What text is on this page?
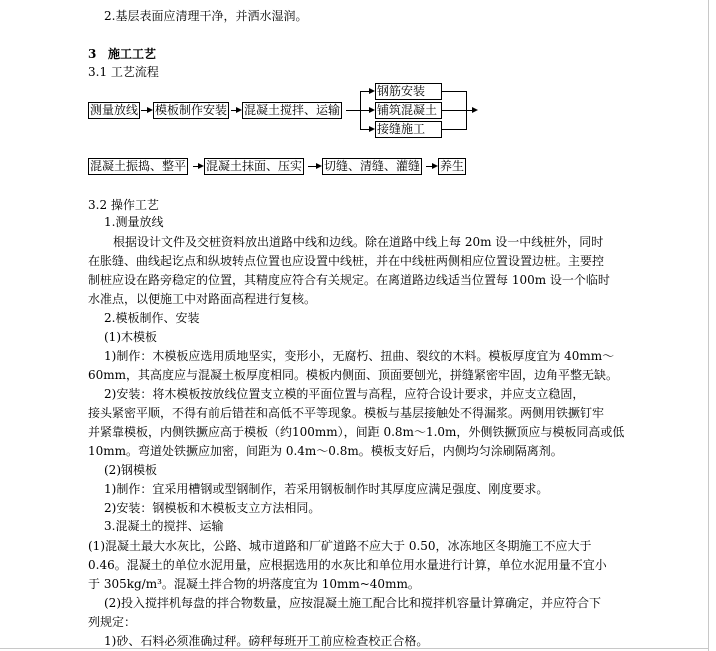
2.基层表面应清理干净，并洒水湿润。
3 施工工艺
3.1 工艺流程
测量放线 模板制作安装 混凝土搅拌、运输
钢筋安装
铺筑混凝土
接缝施工
混凝土振捣、整平 混凝土抹面、压实 切缝、清缝、灌缝 养生
3.2 操作工艺
1.测量放线
根据设计文件及交桩资料放出道路中线和边线。除在道路中线上每 20m 设一中线桩外，同时
在胀缝、曲线起讫点和纵坡转点位置也应设置中线桩，并在中线桩两侧相应位置设置边桩。主要控
制桩应设在路旁稳定的位置，其精度应符合有关规定。在离道路边线适当位置每 100m 设一个临时
水准点，以便施工中对路面高程进行复核。
2.模板制作、安装
(1)木模板
1)制作：木模板应选用质地坚实，变形小，无腐朽、扭曲、裂纹的木料。模板厚度宜为 40mm～
60mm，其高度应与混凝土板厚度相同。模板内侧面、顶面要刨光，拼缝紧密牢固，边角平整无缺。
2)安装：将木模板按放线位置支立模的平面位置与高程，应符合设计要求，并应支立稳固，
接头紧密平顺，不得有前后错茬和高低不平等现象。模板与基层接触处不得漏浆。两侧用铁撅钉牢
并紧靠模板，内侧铁撅应高于模板（约100mm），间距 0.8m～1.0m，外侧铁撅顶应与模板同高或低
10mm。弯道处铁撅应加密，间距为 0.4m～0.8m。模板支好后，内侧均匀涂刷隔离剂。
(2)钢模板
1)制作：宜采用槽钢或型钢制作，若采用钢板制作时其厚度应满足强度、刚度要求。
2)安装：钢模板和木模板支立方法相同。
3.混凝土的搅拌、运输
(1)混凝土最大水灰比，公路、城市道路和厂矿道路不应大于 0.50，冰冻地区冬期施工不应大于
0.46。混凝土的单位水泥用量，应根据选用的水灰比和单位用水量进行计算，单位水泥用量不宜小
于 305kg/m³。混凝土拌合物的坍落度宜为 10mm~40mm。
(2)投入搅拌机每盘的拌合物数量，应按混凝土施工配合比和搅拌机容量计算确定，并应符合下
列规定：
1)砂、石料必须准确过秤。磅秤每班开工前应检查校正合格。
